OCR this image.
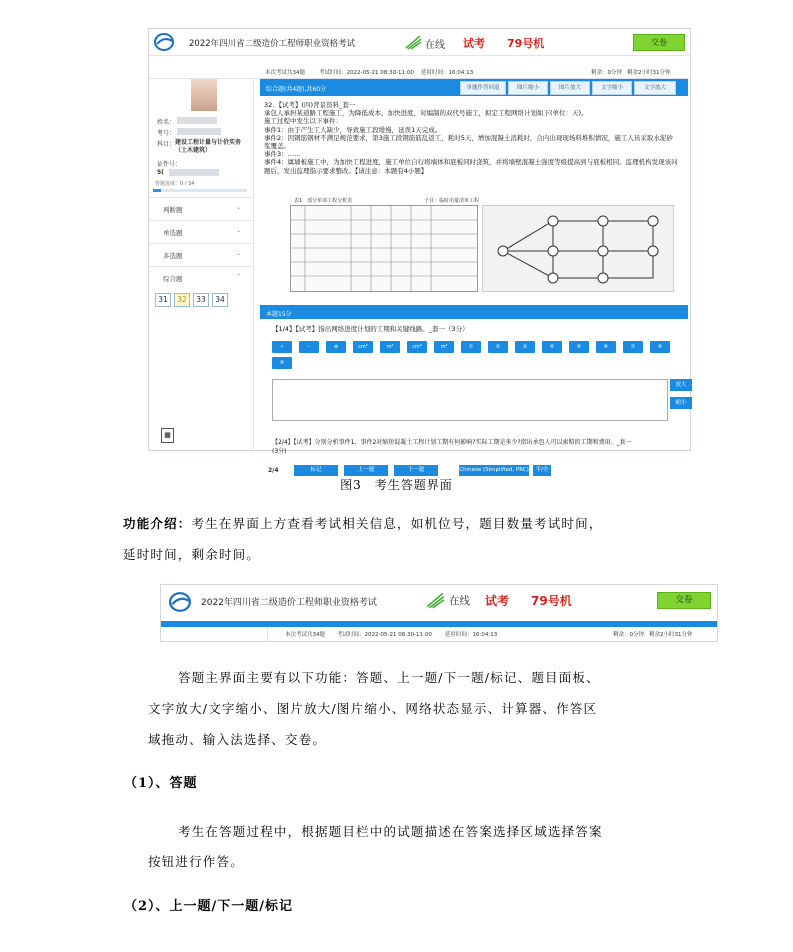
2022年四川省二级造价工程师职业资格考试	在线 试考 79号机	交卷
本次考试共34题	考试时间：2022-05-21 08:30-11:00 延时时间：16:04:13	剩余：0分钟 剩余2小时31分钟
姓名：
考号：
科目： 建设工程计量与计价实务（土木建筑）
证件号：
5(
答题进度：0 / 34
判断题	⌄
单选题	⌄
多选题	⌄
综合题	⌃
31	32	33	34
▦
综合题(共4题),共60分	单题作答回退	图片缩小	图片放大	文字缩小	文字放大
32．【试考】(四)背景资料_套一
承包人承担某道路工程施工，为降低成本、加快进度，对编制的双代号施工，拟定工程网络计划如下(单位：天)。
施工过程中发生以下事件：
事件1：由于产生工人缺少，导致施工段缓慢，延误1天完成。
事件2：因钢筋钢材不满足规范要求，第3施工段钢筋筋乱返工，耗时5天，增加混凝土消耗时，合内出现现场料堆积情况，施工人员采取水泥砂浆覆盖。
事件3：……
事件4：属墙板施工中，为加快工程进度，施工单位自行将墙体和底板同时浇筑，并将墙壁混凝土强度等级提高到与底板相同。监理机构发现该问题后，发出监理指示要求整改。【请注意：本题有4小题】
表1　部分单项工程分析表	子目：临时用量清单工程
本题15分
【1/4】【试考】指出网络进度计划的工期和关键线路。_套一（3分）
＋	－	⊕	cm²	m²	cm³	m³	①	②	③	④	⑤	⑥	⑦	⑧
⑨
放大
缩小
【2/4】【试考】分别分析事件1、事件2对缩短混凝土工程计划工期有何影响?实际工期是多少?指出承包人可以索赔的工期和费用。_套一
(3分)
2/4	标记	上一题	下一题	Chinese (Simplified, PRC)	半/全
图3　考生答题界面
功能介绍：考生在界面上方查看考试相关信息，如机位号，题目数量考试时间，
延时时间，剩余时间。
2022年四川省二级造价工程师职业资格考试	在线 试考 79号机	交卷
本次考试共34题 考试时间：2022-05-21 08:30-11:00 延时时间：16:04:13	剩余：0分钟 剩余2小时31分钟
答题主界面主要有以下功能：答题、上一题/下一题/标记、题目面板、
文字放大/文字缩小、图片放大/图片缩小、网络状态显示、计算器、作答区
域拖动、输入法选择、交卷。
（1）、答题
考生在答题过程中，根据题目栏中的试题描述在答案选择区域选择答案
按钮进行作答。
（2）、上一题/下一题/标记
